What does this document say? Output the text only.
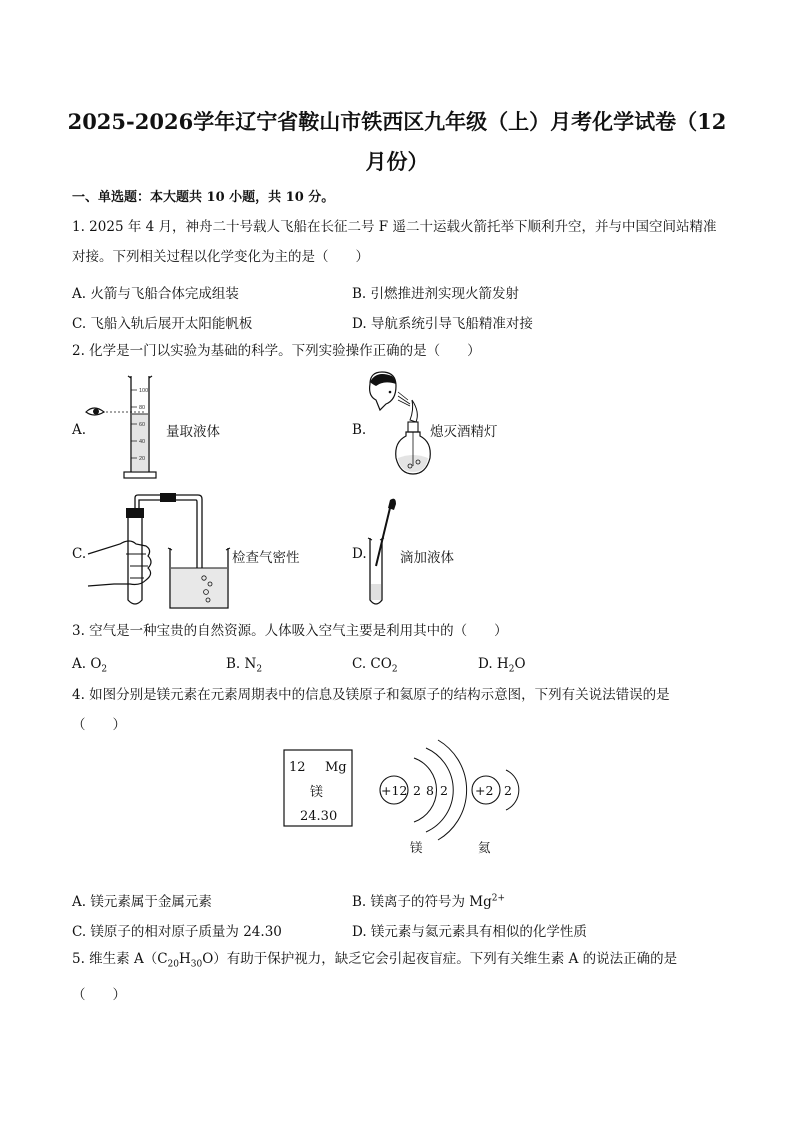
2025-2026学年辽宁省鞍山市铁西区九年级（上）月考化学试卷（12
月份）
一、单选题：本大题共 10 小题，共 10 分。
1. 2025 年 4 月，神舟二十号载人飞船在长征二号 F 遥二十运载火箭托举下顺利升空，并与中国空间站精准
对接。下列相关过程以化学变化为主的是（　　）
A. 火箭与飞船合体完成组装	B. 引燃推进剂实现火箭发射
C. 飞船入轨后展开太阳能帆板	D. 导航系统引导飞船精准对接
2. 化学是一门以实验为基础的科学。下列实验操作正确的是（　　）
A.	量取液体
100
80
60
40
20
B.	熄灭酒精灯
C.	检查气密性	D. 滴加液体
3. 空气是一种宝贵的自然资源。人体吸入空气主要是利用其中的（　　）
A. $O_2$	B. $N_2$	C. $CO_2$	D. $H_2O$
4. 如图分别是镁元素在元素周期表中的信息及镁原子和氦原子的结构示意图，下列有关说法错误的是
（　　）
12 Mg
镁
24.30
+12 2 8 2
镁
+2 2
氦
A. 镁元素属于金属元素	B. 镁离子的符号为 $Mg^{2+}$
C. 镁原子的相对原子质量为 24.30	D. 镁元素与氦元素具有相似的化学性质
5. 维生素 $A(C_{20}H_{30}O)$有助于保护视力，缺乏它会引起夜盲症。下列有关维生素 A 的说法正确的是
（　　）
